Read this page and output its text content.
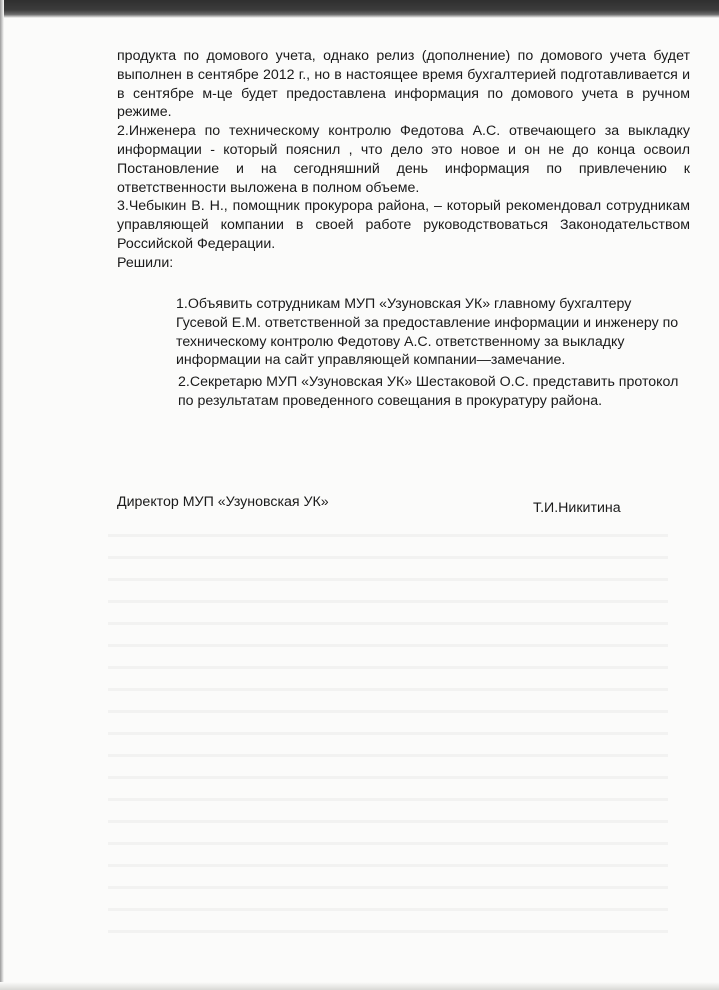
продукта по домового учета, однако релиз (дополнение) по домового учета будет выполнен в сентябре 2012 г., но в настоящее время бухгалтерией подготавливается и в сентябре м-це будет предоставлена информация по домового учета в ручном режиме.

2.Инженера по техническому контролю Федотова А.С. отвечающего за выкладку информации - который пояснил , что дело это новое и он не до конца освоил Постановление и на сегодняшний день информация по привлечению к ответственности выложена в полном объеме.

3.Чебыкин В. Н., помощник прокурора района, – который рекомендовал сотрудникам управляющей компании в своей работе руководствоваться Законодательством Российской Федерации.

Решили:

1.Объявить сотрудникам МУП «Узуновская УК» главному бухгалтеру Гусевой Е.М. ответственной за предоставление информации и инженеру по техническому контролю Федотову А.С. ответственному за выкладку информации на сайт управляющей компании—замечание.

2.Секретарю МУП «Узуновская УК» Шестаковой О.С. представить протокол по результатам проведенного совещания в прокуратуру района.

Директор МУП «Узуновская УК»	Т.И.Никитина
